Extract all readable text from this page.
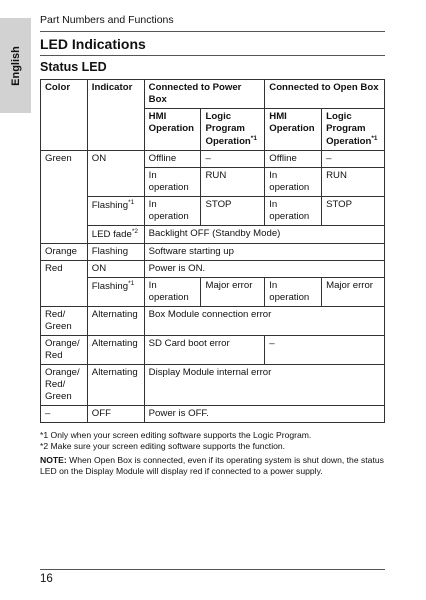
English
Part Numbers and Functions
LED Indications
Status LED
Color	Indicator	Connected to Power Box		Connected to Open Box	
		HMI Operation	Logic Program Operation$^{*1}$	HMI Operation	Logic Program Operation$^{*1}$
Green	ON	Offline	–	Offline	–
		In operation	RUN	In operation	RUN
	Flashing$^{*1}$	In operation	STOP	In operation	STOP
	LED fade$^{*2}$	Backlight OFF (Standby Mode)			
Orange	Flashing	Software starting up			
Red	ON	Power is ON.			
	Flashing$^{*1}$	In operation	Major error	In operation	Major error
Red/ Green	Alternating	Box Module connection error			
Orange/ Red	Alternating	SD Card boot error		–	
Orange/ Red/ Green	Alternating	Display Module internal error			
–	OFF	Power is OFF.			

*1 Only when your screen editing software supports the Logic Program.

*2 Make sure your screen editing software supports the function.

NOTE: When Open Box is connected, even if its operating system is shut down, the status LED on the Display Module will display red if connected to a power supply.

16
